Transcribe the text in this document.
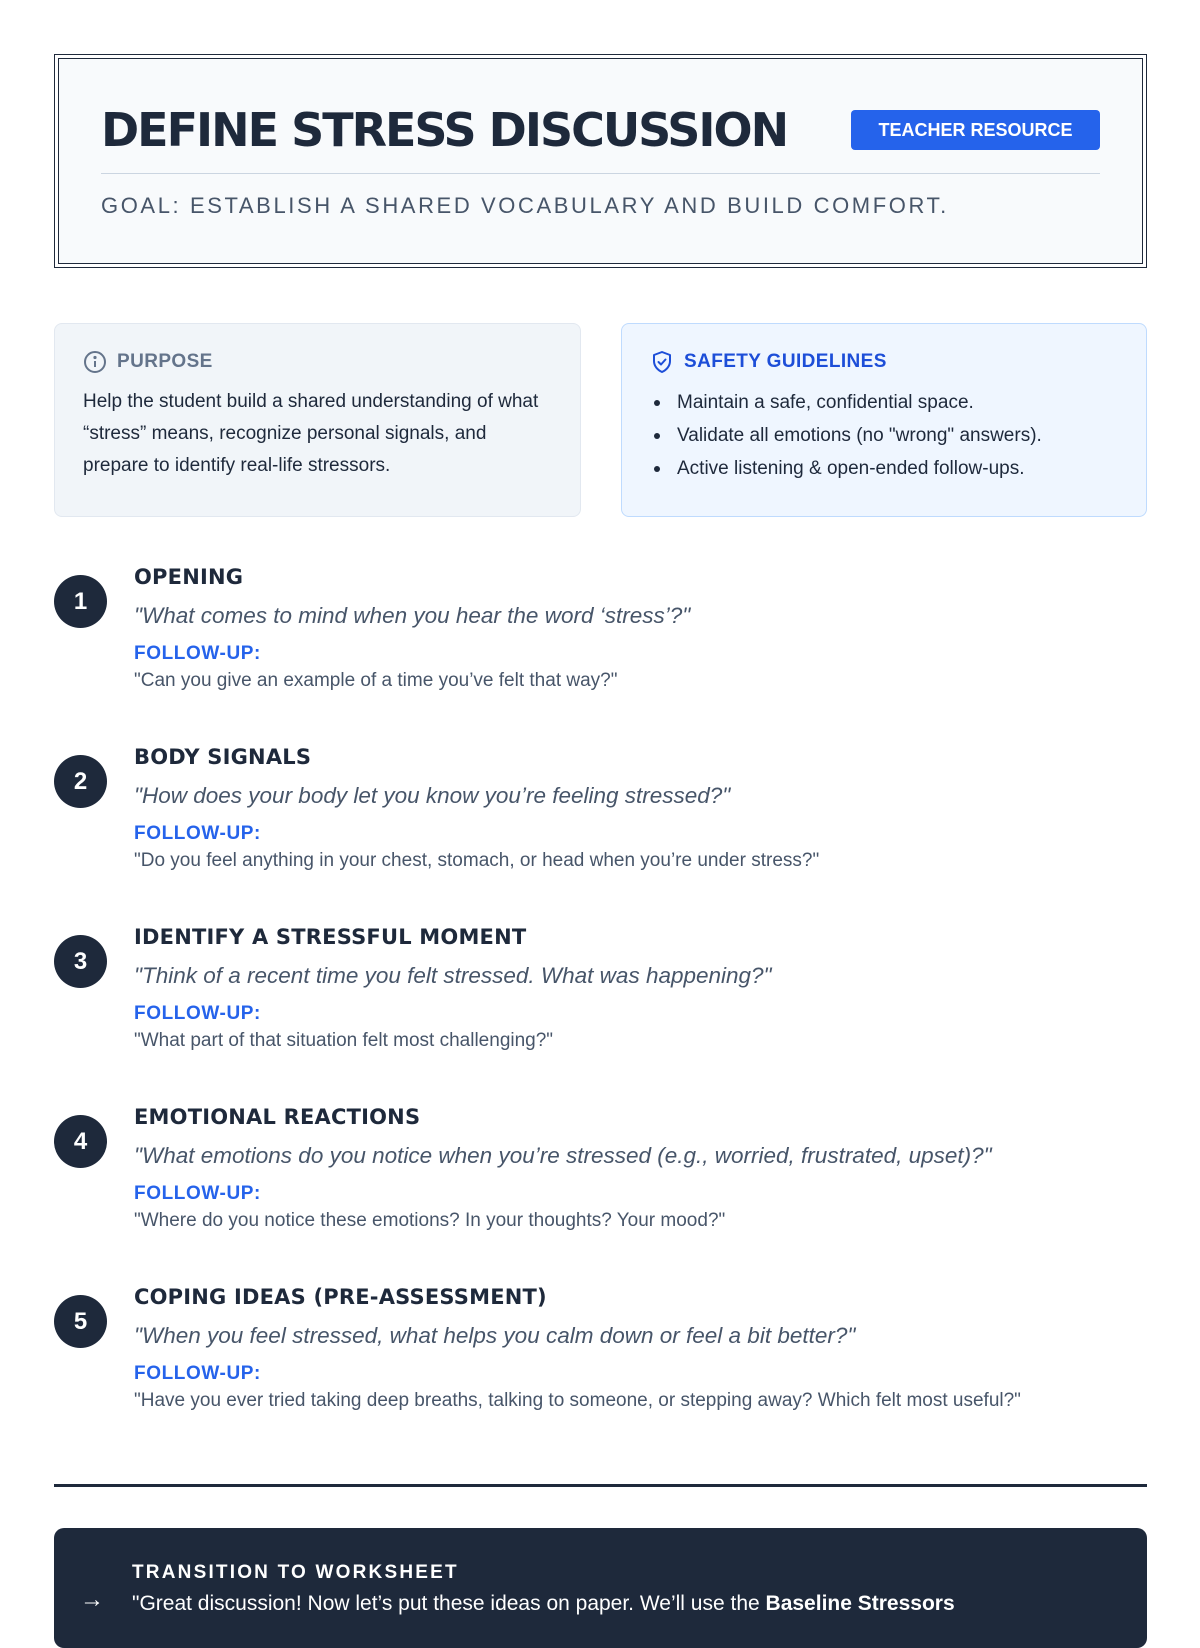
DEFINE STRESS DISCUSSION	TEACHER RESOURCE
GOAL: ESTABLISH A SHARED VOCABULARY AND BUILD COMFORT.
PURPOSE
Help the student build a shared understanding of what “stress” means, recognize personal signals, and prepare to identify real-life stressors.
SAFETY GUIDELINES
Maintain a safe, confidential space.
Validate all emotions (no "wrong" answers).
Active listening & open-ended follow-ups.
1
OPENING
"What comes to mind when you hear the word ‘stress’?"
FOLLOW-UP:
"Can you give an example of a time you’ve felt that way?"
2
BODY SIGNALS
"How does your body let you know you’re feeling stressed?"
FOLLOW-UP:
"Do you feel anything in your chest, stomach, or head when you’re under stress?"
3
IDENTIFY A STRESSFUL MOMENT
"Think of a recent time you felt stressed. What was happening?"
FOLLOW-UP:
"What part of that situation felt most challenging?"
4
EMOTIONAL REACTIONS
"What emotions do you notice when you’re stressed (e.g., worried, frustrated, upset)?"
FOLLOW-UP:
"Where do you notice these emotions? In your thoughts? Your mood?"
5
COPING IDEAS (PRE-ASSESSMENT)
"When you feel stressed, what helps you calm down or feel a bit better?"
FOLLOW-UP:
"Have you ever tried taking deep breaths, talking to someone, or stepping away? Which felt most useful?"
→
TRANSITION TO WORKSHEET
"Great discussion! Now let’s put these ideas on paper. We’ll use the Baseline Stressors
